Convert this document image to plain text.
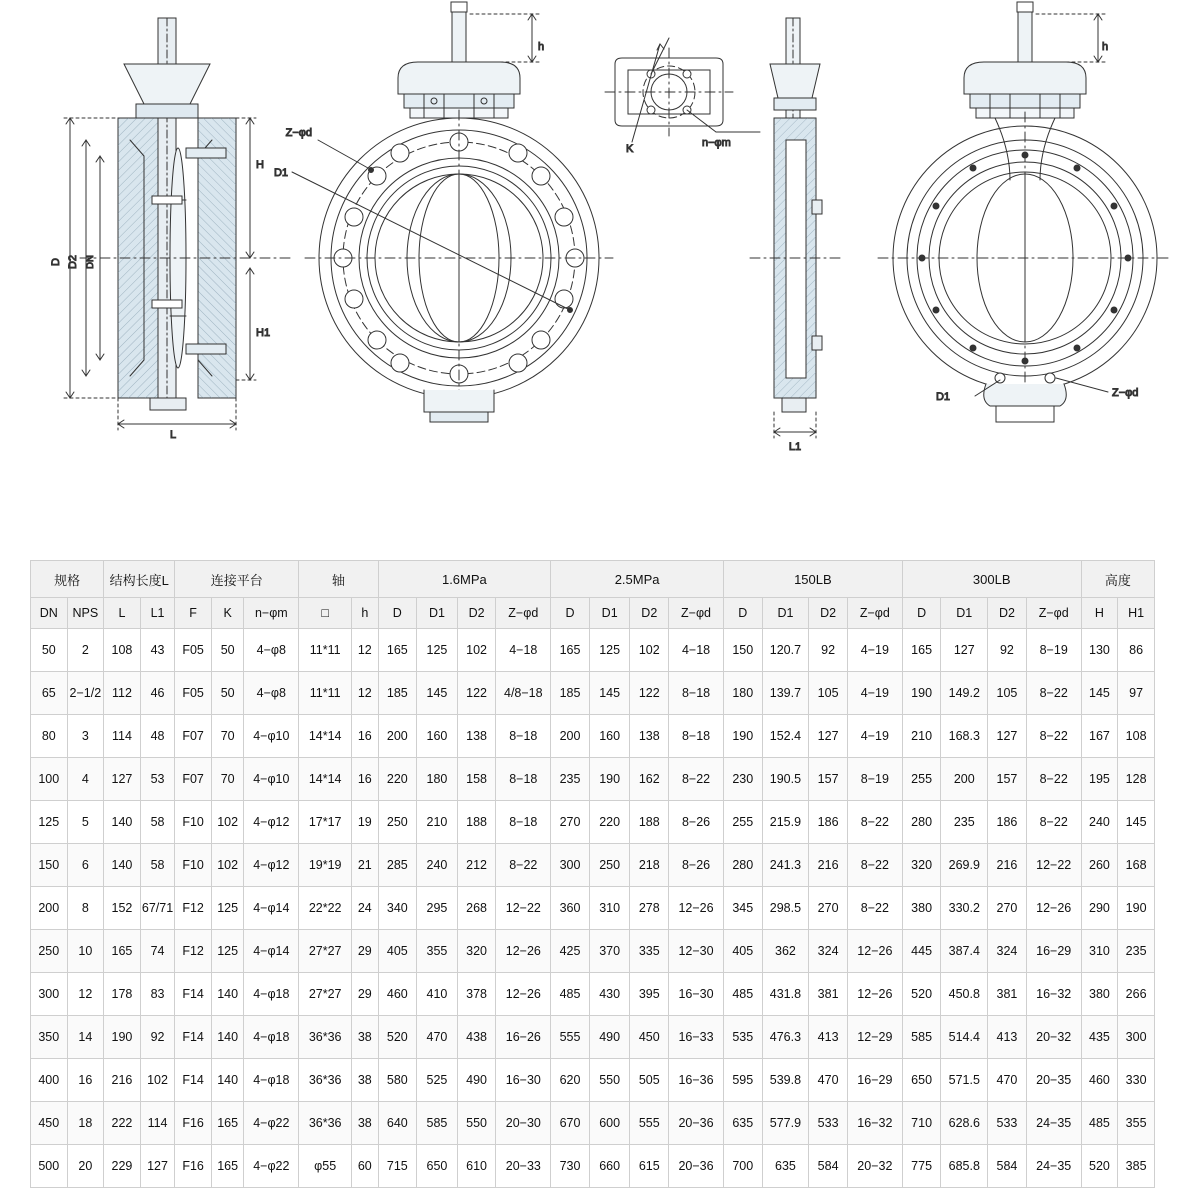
D D2 DN
H
H1
L
Z−φd
D1
h
K	n−φm
L1
D1	Z−φd
h
规格		结构长度L		连接平台			轴		1.6MPa				2.5MPa				150LB				300LB				高度	
DN	NPS	L	L1	F	K	n−φm	□	h	D	D1	D2	Z−φd	D	D1	D2	Z−φd	D	D1	D2	Z−φd	D	D1	D2	Z−φd	H	H1
50	2	108	43	F05	50	4−φ8	11*11	12	165	125	102	4−18	165	125	102	4−18	150	120.7	92	4−19	165	127	92	8−19	130	86
65	2−1/2	112	46	F05	50	4−φ8	11*11	12	185	145	122	4/8−18	185	145	122	8−18	180	139.7	105	4−19	190	149.2	105	8−22	145	97
80	3	114	48	F07	70	4−φ10	14*14	16	200	160	138	8−18	200	160	138	8−18	190	152.4	127	4−19	210	168.3	127	8−22	167	108
100	4	127	53	F07	70	4−φ10	14*14	16	220	180	158	8−18	235	190	162	8−22	230	190.5	157	8−19	255	200	157	8−22	195	128
125	5	140	58	F10	102	4−φ12	17*17	19	250	210	188	8−18	270	220	188	8−26	255	215.9	186	8−22	280	235	186	8−22	240	145
150	6	140	58	F10	102	4−φ12	19*19	21	285	240	212	8−22	300	250	218	8−26	280	241.3	216	8−22	320	269.9	216	12−22	260	168
200	8	152	67/71	F12	125	4−φ14	22*22	24	340	295	268	12−22	360	310	278	12−26	345	298.5	270	8−22	380	330.2	270	12−26	290	190
250	10	165	74	F12	125	4−φ14	27*27	29	405	355	320	12−26	425	370	335	12−30	405	362	324	12−26	445	387.4	324	16−29	310	235
300	12	178	83	F14	140	4−φ18	27*27	29	460	410	378	12−26	485	430	395	16−30	485	431.8	381	12−26	520	450.8	381	16−32	380	266
350	14	190	92	F14	140	4−φ18	36*36	38	520	470	438	16−26	555	490	450	16−33	535	476.3	413	12−29	585	514.4	413	20−32	435	300
400	16	216	102	F14	140	4−φ18	36*36	38	580	525	490	16−30	620	550	505	16−36	595	539.8	470	16−29	650	571.5	470	20−35	460	330
450	18	222	114	F16	165	4−φ22	36*36	38	640	585	550	20−30	670	600	555	20−36	635	577.9	533	16−32	710	628.6	533	24−35	485	355
500	20	229	127	F16	165	4−φ22	φ55	60	715	650	610	20−33	730	660	615	20−36	700	635	584	20−32	775	685.8	584	24−35	520	385
